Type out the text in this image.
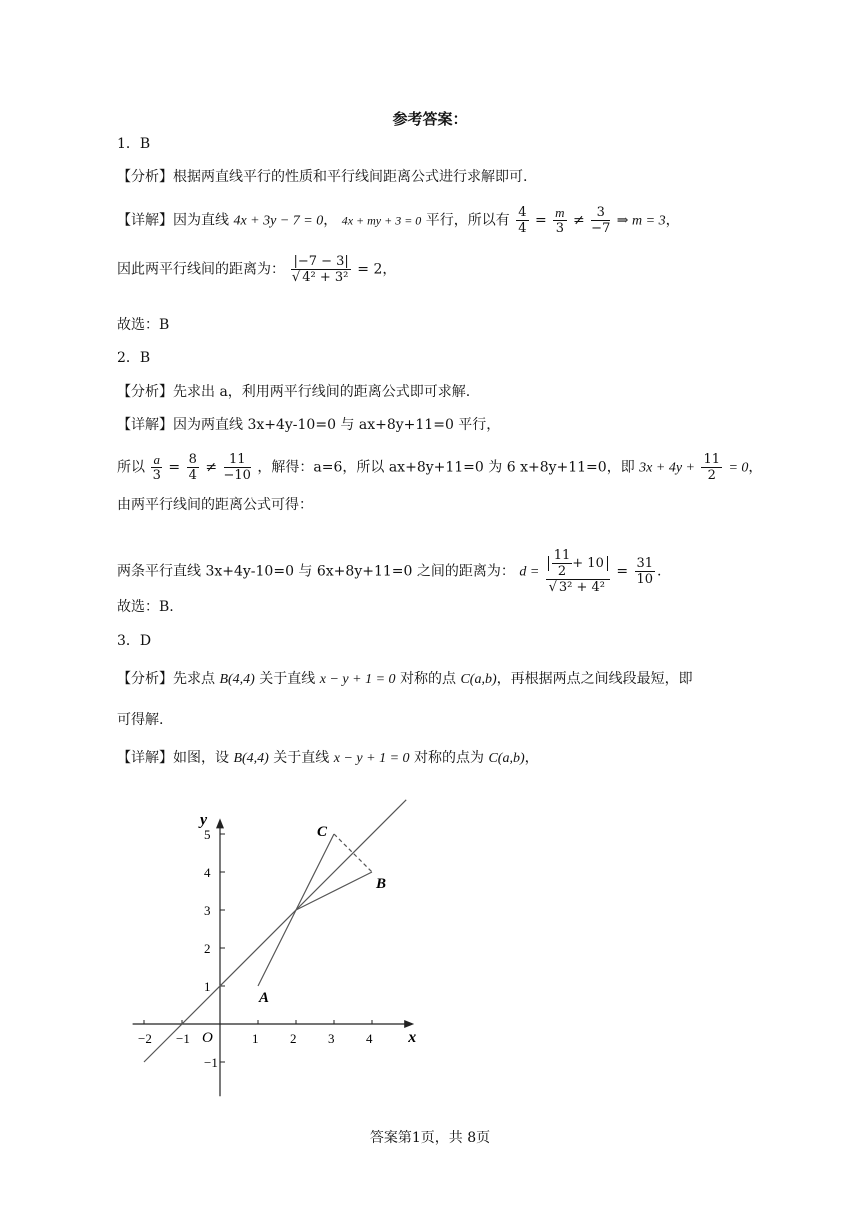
参考答案：
1．B
【分析】根据两直线平行的性质和平行线间距离公式进行求解即可.
【详解】因为直线 4x + 3y − 7 = 0， 4x + my + 3 = 0 平行，所以有 $\frac{4}{4} = \frac{m}{3} \ne \frac{3}{-7}$ ⇒ m = 3，
因此两平行线间的距离为： $\frac{|-7 - 3|}{\text{√ 4² + 3²}} = 2$，
故选：B
2．B
【分析】先求出 a，利用两平行线间的距离公式即可求解.
【详解】因为两直线 3x+4y-10=0 与 ax+8y+11=0 平行，
所以 $\frac{a}{3} = \frac{8}{4} \ne \frac{11}{-10}$ ，解得：a=6，所以 ax+8y+11=0 为 6 x+8y+11=0，即 $3x + 4y + \frac{11}{2} = 0$，
由两平行线间的距离公式可得：
两条平行直线 3x+4y-10=0 与 6x+8y+11=0 之间的距离为： $d = \frac{\frac{11}{2} + 10}{\text{√ 3² + 4²}} = \frac{31}{10}$ .
故选：B.
3．D
【分析】先求点 B(4,4) 关于直线 x − y + 1 = 0 对称的点 C(a,b)，再根据两点之间线段最短，即
可得解.
【详解】如图，设 B(4,4) 关于直线 x − y + 1 = 0 对称的点为 C(a,b)，
x
y
O
−2 −1	1 2 3 4
5
4
3
2
1
−1
A
B
C
答案第1页，共 8页
